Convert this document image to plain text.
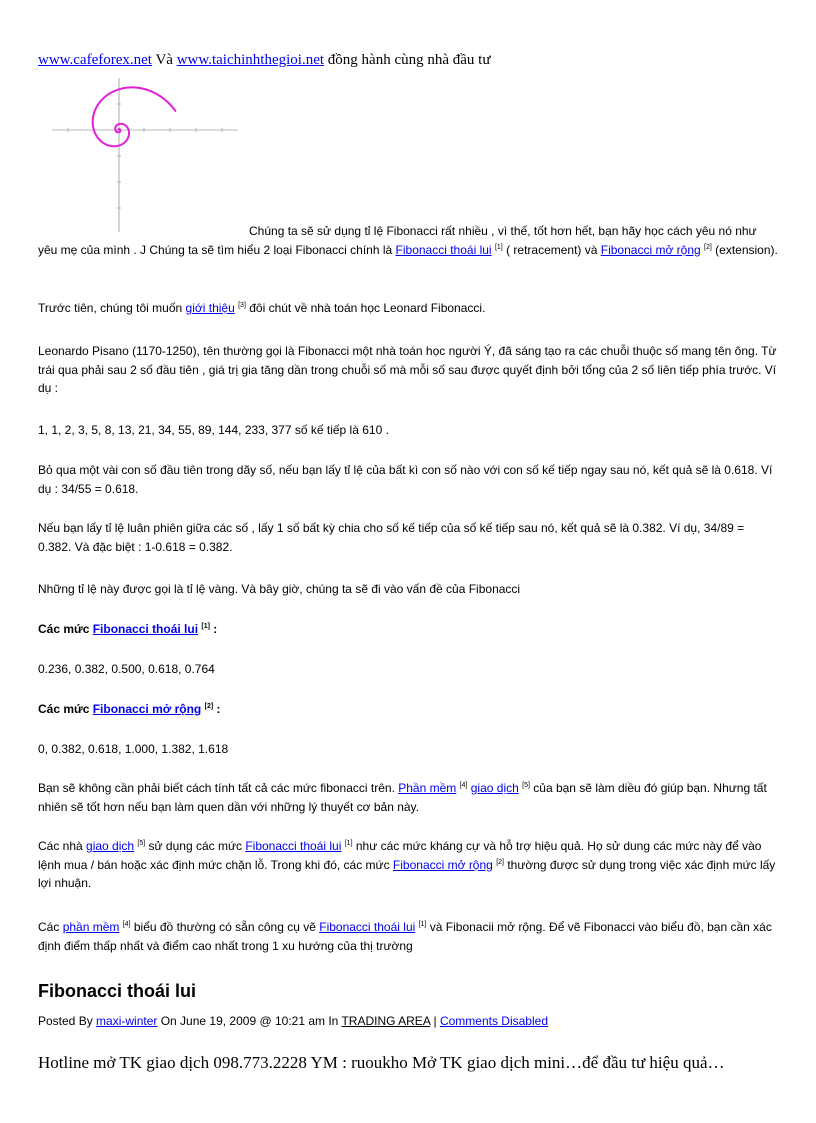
www.cafeforex.net Và www.taichinhthegioi.net đồng hành cùng nhà đầu tư
Chúng ta sẽ sử dụng tỉ lệ Fibonacci rất nhiều , vì thế, tốt hơn hết, bạn hãy học cách yêu nó như yêu mẹ của mình . J Chúng ta sẽ tìm hiểu 2 loại Fibonacci chính là Fibonacci thoái lui [1] ( retracement) và Fibonacci mở rộng [2] (extension).

Trước tiên, chúng tôi muốn giới thiệu [3] đôi chút về nhà toán học Leonard Fibonacci.

Leonardo Pisano (1170-1250), tên thường gọi là Fibonacci một nhà toán học người Ý, đã sáng tạo ra các chuỗi thuộc số mang tên ông. Từ trái qua phải sau 2 số đầu tiên , giá trị gia tăng dần trong chuỗi số mà mỗi số sau được quyết định bởi tổng của 2 số liên tiếp phía trước. Ví dụ :

1, 1, 2, 3, 5, 8, 13, 21, 34, 55, 89, 144, 233, 377 số kế tiếp là 610 .

Bỏ qua một vài con số đầu tiên trong dãy số, nếu bạn lấy tỉ lệ của bất kì con số nào với con số kế tiếp ngay sau nó, kết quả sẽ là 0.618. Ví dụ : 34/55 = 0.618.

Nếu bạn lấy tỉ lệ luân phiên giữa các số , lấy 1 số bất kỳ chia cho số kế tiếp của số kế tiếp sau nó, kết quả sẽ là 0.382. Ví dụ, 34/89 = 0.382. Và đặc biệt : 1-0.618 = 0.382.

Những tỉ lệ này được gọi là tỉ lệ vàng. Và bây giờ, chúng ta sẽ đi vào vấn đề của Fibonacci

Các mức Fibonacci thoái lui [1] :

0.236, 0.382, 0.500, 0.618, 0.764

Các mức Fibonacci mở rộng [2] :

0, 0.382, 0.618, 1.000, 1.382, 1.618

Bạn sẽ không cần phải biết cách tính tất cả các mức fibonacci trên. Phần mềm [4] giao dịch [5] của bạn sẽ làm diều đó giúp bạn. Nhưng tất nhiên sẽ tốt hơn nếu bạn làm quen dần với những lý thuyết cơ bản này.

Các nhà giao dịch [5] sử dụng các mức Fibonacci thoái lui [1] như các mức kháng cự và hỗ trợ hiệu quả. Họ sử dung các mức này để vào lệnh mua / bán hoặc xác định mức chặn lỗ. Trong khi đó, các mức Fibonacci mở rộng [2] thường được sử dụng trong việc xác định mức lấy lợi nhuận.

Các phần mềm [4] biểu đồ thường có sẵn công cụ vẽ Fibonacci thoái lui [1] và Fibonacii mở rộng. Để vẽ Fibonacci vào biểu đồ, bạn cần xác định điểm thấp nhất và điểm cao nhất trong 1 xu hướng của thị trường

Fibonacci thoái lui
Posted By maxi-winter On June 19, 2009 @ 10:21 am In TRADING AREA | Comments Disabled
Hotline mở TK giao dịch 098.773.2228 YM : ruoukho Mở TK giao dịch mini…để đầu tư hiệu quả…
